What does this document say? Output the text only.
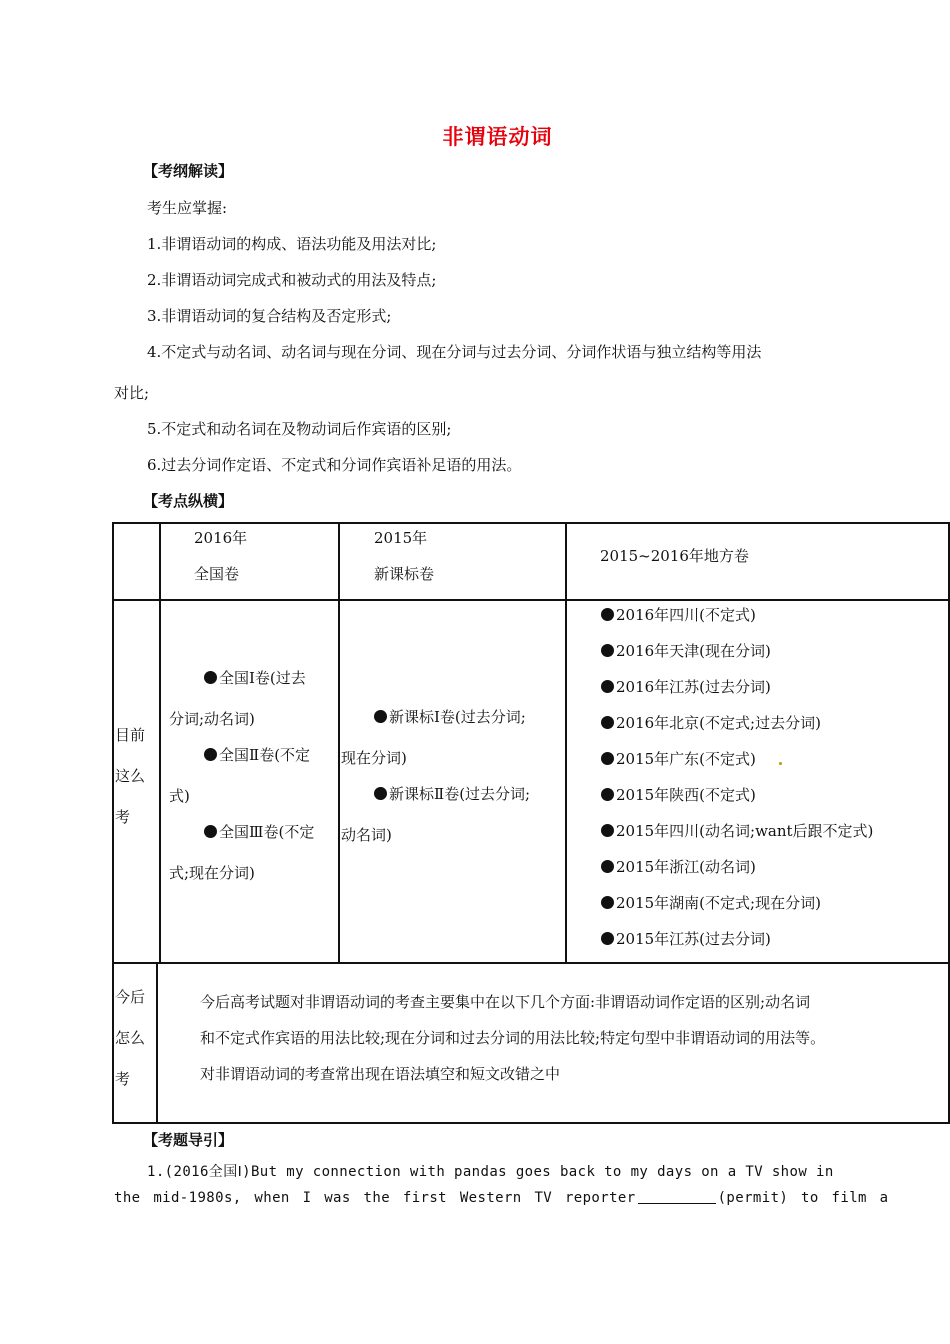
非谓语动词
【考纲解读】
考生应掌握:
1.非谓语动词的构成、语法功能及用法对比;
2.非谓语动词完成式和被动式的用法及特点;
3.非谓语动词的复合结构及否定形式;
4.不定式与动名词、动名词与现在分词、现在分词与过去分词、分词作状语与独立结构等用法
对比;
5.不定式和动名词在及物动词后作宾语的区别;
6.过去分词作定语、不定式和分词作宾语补足语的用法。
【考点纵横】
2016年
全国卷
2015年
新课标卷
2015~2016年地方卷
目前
这么
考
全国Ⅰ卷(过去
分词;动名词)
全国Ⅱ卷(不定
式)
全国Ⅲ卷(不定
式;现在分词)
新课标Ⅰ卷(过去分词;
现在分词)
新课标Ⅱ卷(过去分词;
动名词)
2016年四川(不定式)
2016年天津(现在分词)
2016年江苏(过去分词)
2016年北京(不定式;过去分词)
2015年广东(不定式)
2015年陕西(不定式)
2015年四川(动名词;want后跟不定式)
2015年浙江(动名词)
2015年湖南(不定式;现在分词)
2015年江苏(过去分词)
今后
怎么
考
今后高考试题对非谓语动词的考查主要集中在以下几个方面:非谓语动词作定语的区别;动名词
和不定式作宾语的用法比较;现在分词和过去分词的用法比较;特定句型中非谓语动词的用法等。
对非谓语动词的考查常出现在语法填空和短文改错之中
【考题导引】
1.(2016全国Ⅰ)But my connection with pandas goes back to my days on a TV show in
the mid-1980s, when I was the first Western TV reporter	(permit) to film a
